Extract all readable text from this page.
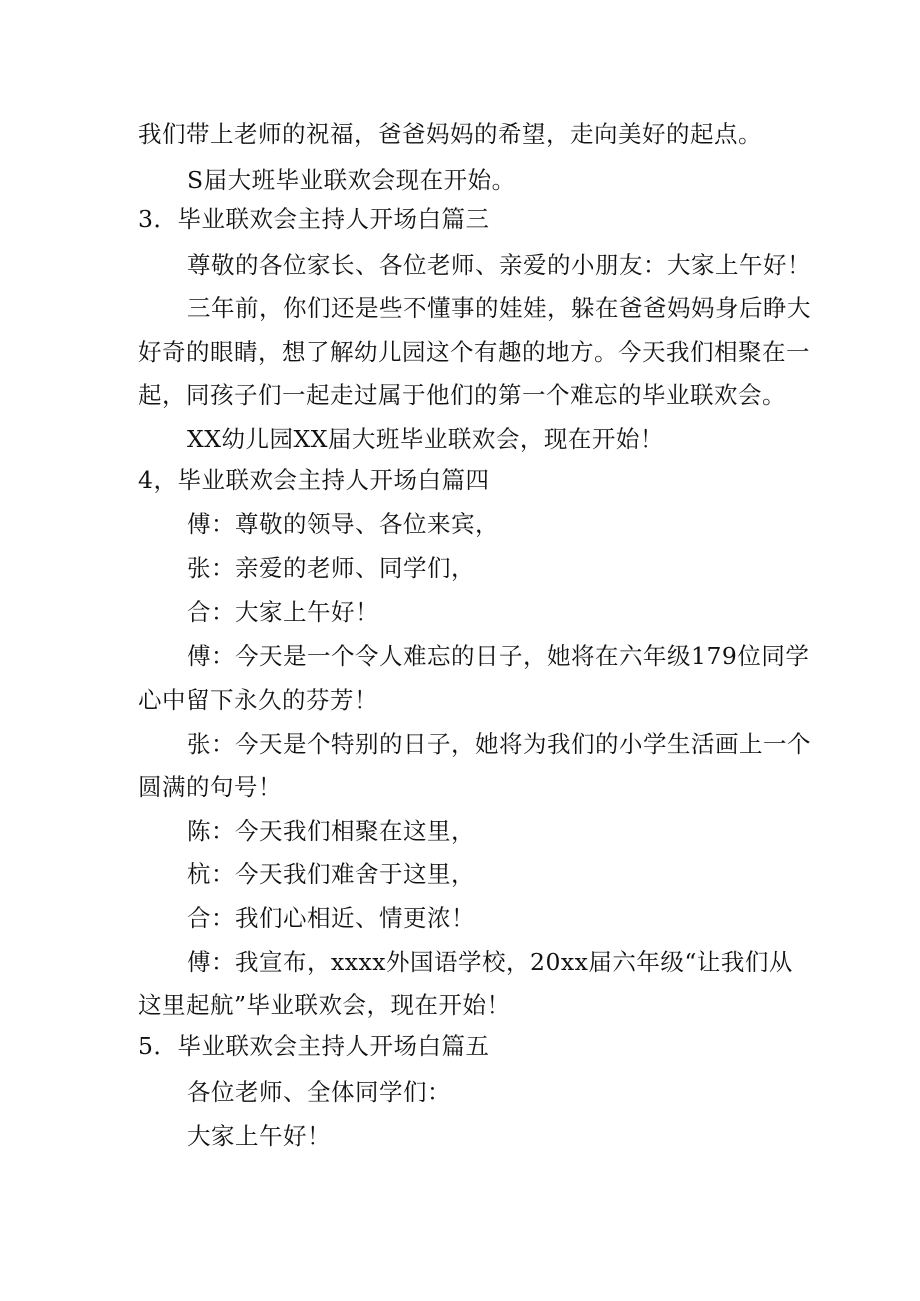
我们带上老师的祝福，爸爸妈妈的希望，走向美好的起点。
S届大班毕业联欢会现在开始。
3．毕业联欢会主持人开场白篇三
尊敬的各位家长、各位老师、亲爱的小朋友：大家上午好！
三年前，你们还是些不懂事的娃娃，躲在爸爸妈妈身后睁大
好奇的眼睛，想了解幼儿园这个有趣的地方。今天我们相聚在一
起，同孩子们一起走过属于他们的第一个难忘的毕业联欢会。
XX幼儿园XX届大班毕业联欢会，现在开始！
4，毕业联欢会主持人开场白篇四
傅：尊敬的领导、各位来宾，
张：亲爱的老师、同学们，
合：大家上午好！
傅：今天是一个令人难忘的日子，她将在六年级179位同学
心中留下永久的芬芳！
张：今天是个特别的日子，她将为我们的小学生活画上一个
圆满的句号！
陈：今天我们相聚在这里，
杭：今天我们难舍于这里，
合：我们心相近、情更浓！
傅：我宣布，xxxx外国语学校，20xx届六年级“让我们从
这里起航”毕业联欢会，现在开始！
5．毕业联欢会主持人开场白篇五
各位老师、全体同学们：
大家上午好！
